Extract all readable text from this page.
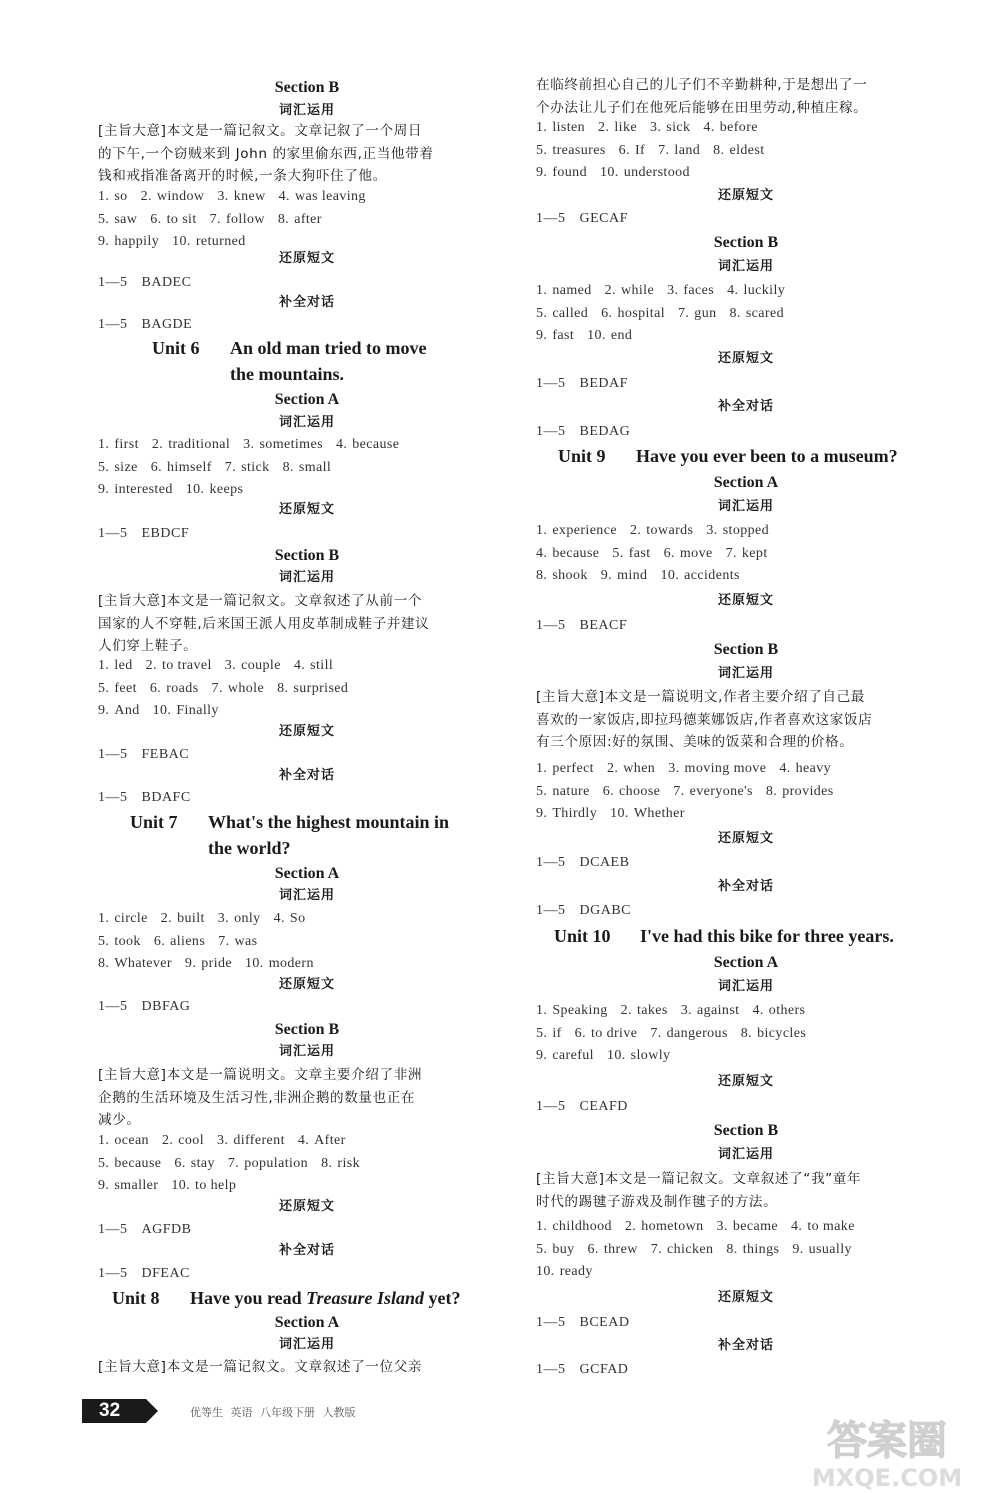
Section B
词汇运用
[主旨大意]本文是一篇记叙文。文章记叙了一个周日
的下午,一个窃贼来到 John 的家里偷东西,正当他带着
钱和戒指准备离开的时候,一条大狗吓住了他。
1. so 2. window 3. knew 4. was leaving
5. saw 6. to sit 7. follow 8. after
9. happily 10. returned
还原短文
1—5 BADEC
补全对话
1—5 BAGDE
Unit 6 An old man tried to move
the mountains.
Section A
词汇运用
1. first 2. traditional 3. sometimes 4. because
5. size 6. himself 7. stick 8. small
9. interested 10. keeps
还原短文
1—5 EBDCF
Section B
词汇运用
[主旨大意]本文是一篇记叙文。文章叙述了从前一个
国家的人不穿鞋,后来国王派人用皮革制成鞋子并建议
人们穿上鞋子。
1. led 2. to travel 3. couple 4. still
5. feet 6. roads 7. whole 8. surprised
9. And 10. Finally
还原短文
1—5 FEBAC
补全对话
1—5 BDAFC
Unit 7 What's the highest mountain in
the world?
Section A
词汇运用
1. circle 2. built 3. only 4. So
5. took 6. aliens 7. was
8. Whatever 9. pride 10. modern
还原短文
1—5 DBFAG
Section B
词汇运用
[主旨大意]本文是一篇说明文。文章主要介绍了非洲
企鹅的生活环境及生活习性,非洲企鹅的数量也正在
减少。
1. ocean 2. cool 3. different 4. After
5. because 6. stay 7. population 8. risk
9. smaller 10. to help
还原短文
1—5 AGFDB
补全对话
1—5 DFEAC
Unit 8 Have you read Treasure Island yet?
Section A
词汇运用
[主旨大意]本文是一篇记叙文。文章叙述了一位父亲
在临终前担心自己的儿子们不辛勤耕种,于是想出了一
个办法让儿子们在他死后能够在田里劳动,种植庄稼。
1. listen 2. like 3. sick 4. before
5. treasures 6. If 7. land 8. eldest
9. found 10. understood
还原短文
1—5 GECAF
Section B
词汇运用
1. named 2. while 3. faces 4. luckily
5. called 6. hospital 7. gun 8. scared
9. fast 10. end
还原短文
1—5 BEDAF
补全对话
1—5 BEDAG
Unit 9 Have you ever been to a museum?
Section A
词汇运用
1. experience 2. towards 3. stopped
4. because 5. fast 6. move 7. kept
8. shook 9. mind 10. accidents
还原短文
1—5 BEACF
Section B
词汇运用
[主旨大意]本文是一篇说明文,作者主要介绍了自己最
喜欢的一家饭店,即拉玛德莱娜饭店,作者喜欢这家饭店
有三个原因:好的氛围、美味的饭菜和合理的价格。
1. perfect 2. when 3. moving move 4. heavy
5. nature 6. choose 7. everyone's 8. provides
9. Thirdly 10. Whether
还原短文
1—5 DCAEB
补全对话
1—5 DGABC
Unit 10 I've had this bike for three years.
Section A
词汇运用
1. Speaking 2. takes 3. against 4. others
5. if 6. to drive 7. dangerous 8. bicycles
9. careful 10. slowly
还原短文
1—5 CEAFD
Section B
词汇运用
[主旨大意]本文是一篇记叙文。文章叙述了“我”童年
时代的踢毽子游戏及制作毽子的方法。
1. childhood 2. hometown 3. became 4. to make
5. buy 6. threw 7. chicken 8. things 9. usually
10. ready
还原短文
1—5 BCEAD
补全对话
1—5 GCFAD
32	优等生 英语 八年级下册 人教版
答案圈
MXQE.COM
